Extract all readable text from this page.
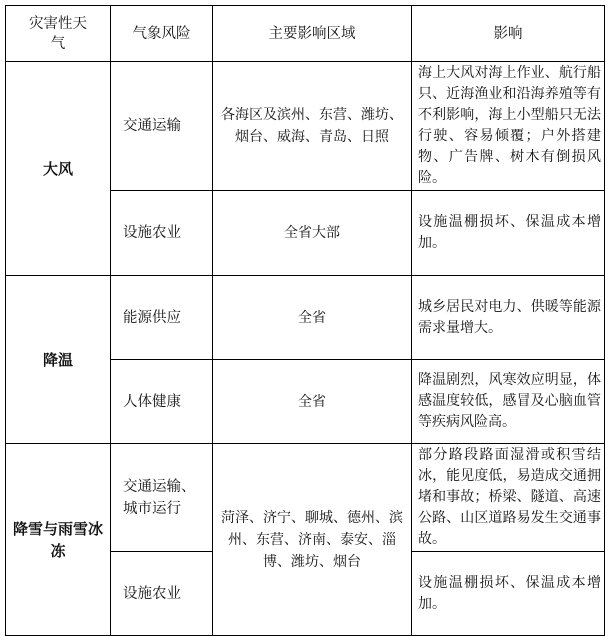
灾害性天气	气象风险	主要影响区域	影响
大风	交通运输	各海区及滨州、东营、潍坊、烟台、威海、青岛、日照	海上大风对海上作业、航行船只、近海渔业和沿海养殖等有不利影响，海上小型船只无法行驶、容易倾覆；户外搭建物、广告牌、树木有倒损风险。
	设施农业	全省大部	设施温棚损坏、保温成本增加。
降温	能源供应	全省	城乡居民对电力、供暖等能源需求量增大。
	人体健康	全省	降温剧烈，风寒效应明显，体感温度较低，感冒及心脑血管等疾病风险高。
降雪与雨雪冰冻	交通运输、城市运行	菏泽、济宁、聊城、德州、滨州、东营、济南、泰安、淄博、潍坊、烟台	部分路段路面湿滑或积雪结冰，能见度低，易造成交通拥堵和事故；桥梁、隧道、高速公路、山区道路易发生交通事故。
	设施农业		设施温棚损坏、保温成本增加。
